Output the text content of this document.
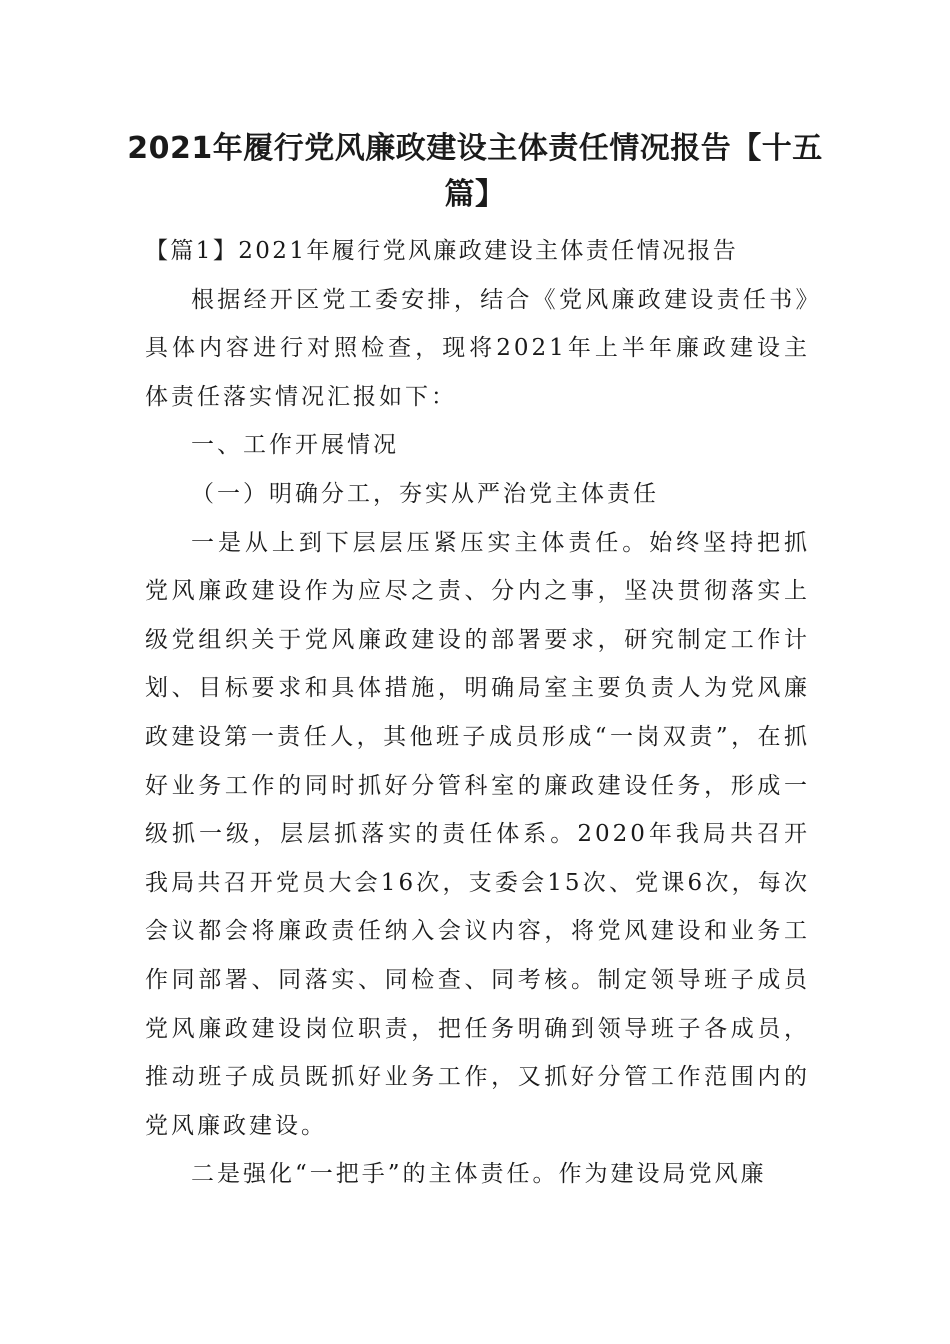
2021年履行党风廉政建设主体责任情况报告【十五篇】

【篇1】2021年履行党风廉政建设主体责任情况报告

根据经开区党工委安排，结合《党风廉政建设责任书》具体内容进行对照检查，现将2021年上半年廉政建设主体责任落实情况汇报如下：

一、工作开展情况

（一）明确分工，夯实从严治党主体责任

一是从上到下层层压紧压实主体责任。始终坚持把抓党风廉政建设作为应尽之责、分内之事，坚决贯彻落实上级党组织关于党风廉政建设的部署要求，研究制定工作计划、目标要求和具体措施，明确局室主要负责人为党风廉政建设第一责任人，其他班子成员形成“一岗双责”，在抓好业务工作的同时抓好分管科室的廉政建设任务，形成一级抓一级，层层抓落实的责任体系。2020年我局共召开我局共召开党员大会16次，支委会15次、党课6次，每次会议都会将廉政责任纳入会议内容，将党风建设和业务工作同部署、同落实、同检查、同考核。制定领导班子成员党风廉政建设岗位职责，把任务明确到领导班子各成员，推动班子成员既抓好业务工作，又抓好分管工作范围内的党风廉政建设。

二是强化“一把手”的主体责任。作为建设局党风廉
